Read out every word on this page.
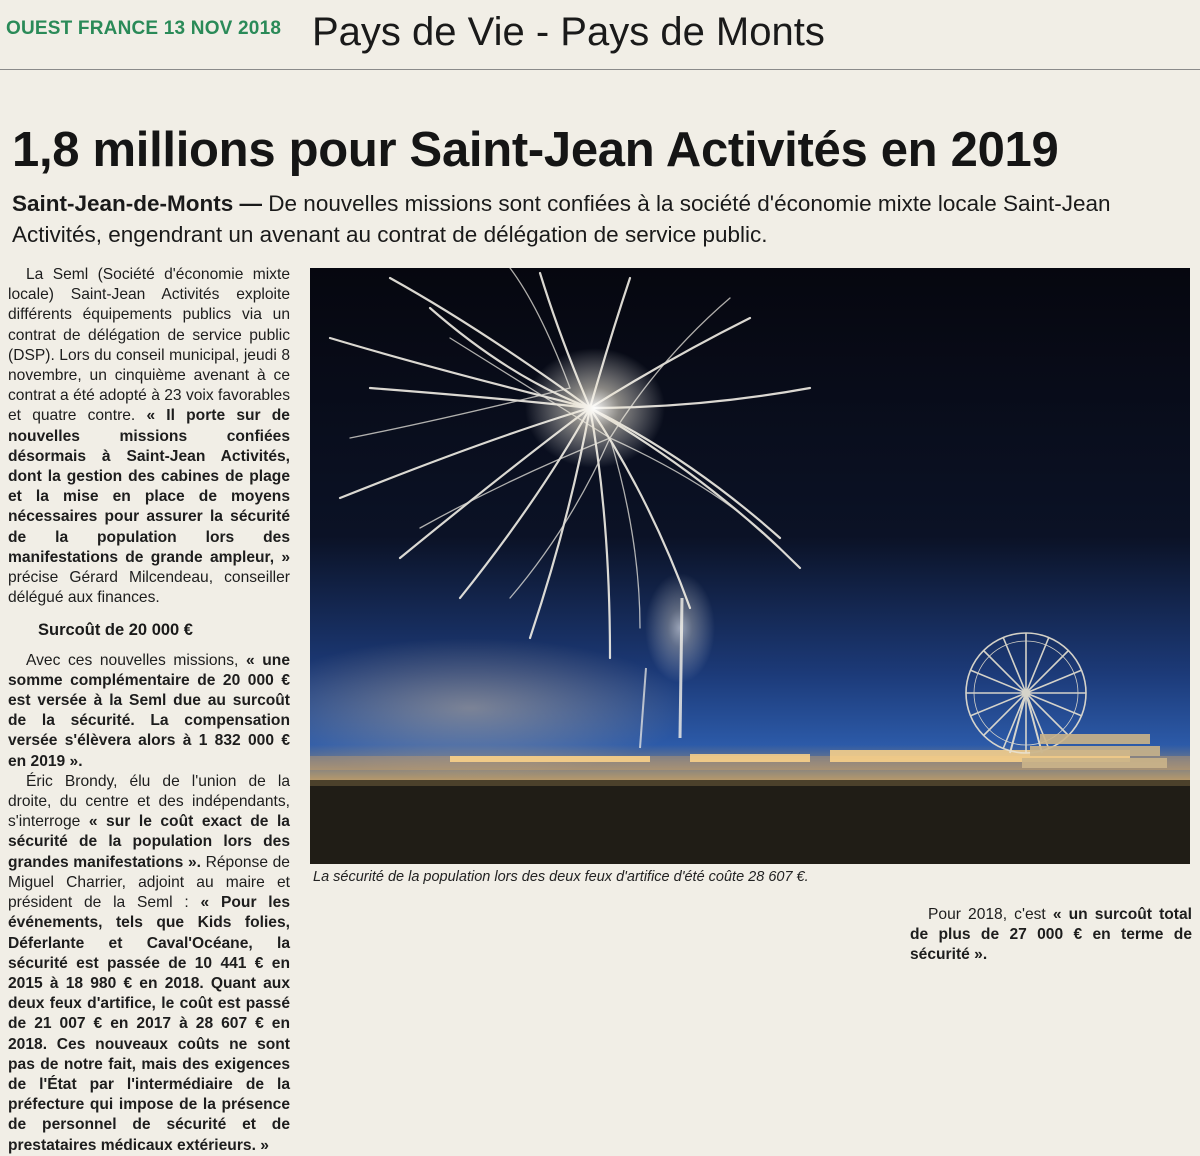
OUEST FRANCE 13 NOV 2018 Pays de Vie - Pays de Monts
1,8 millions pour Saint-Jean Activités en 2019
Saint-Jean-de-Monts — De nouvelles missions sont confiées à la société d'économie mixte locale Saint-Jean Activités, engendrant un avenant au contrat de délégation de service public.
La sécurité de la population lors des deux feux d'artifice d'été coûte 28 607 €.

La Seml (Société d'économie mixte locale) Saint-Jean Activités exploite différents équipements publics via un contrat de délégation de service public (DSP). Lors du conseil municipal, jeudi 8 novembre, un cinquième avenant à ce contrat a été adopté à 23 voix favorables et quatre contre. « Il porte sur de nouvelles missions confiées désormais à Saint-Jean Activités, dont la gestion des cabines de plage et la mise en place de moyens nécessaires pour assurer la sécurité de la population lors des manifestations de grande ampleur, » précise Gérard Milcendeau, conseiller délégué aux finances.

Surcoût de 20 000 €

Avec ces nouvelles missions, « une somme complémentaire de 20 000 € est versée à la Seml due au surcoût de la sécurité. La compensation versée s'élèvera alors à 1 832 000 € en 2019 ».

Éric Brondy, élu de l'union de la droite, du centre et des indépendants, s'interroge « sur le coût exact de la sécurité de la population lors des grandes manifestations ». Réponse de Miguel Charrier, adjoint au maire et président de la Seml : « Pour les événements, tels que Kids folies, Déferlante et Caval'Océane, la sécurité est passée de 10 441 € en 2015 à 18 980 € en 2018. Quant aux deux feux d'artifice, le coût est passé de 21 007 € en 2017 à 28 607 € en 2018. Ces nouveaux coûts ne sont pas de notre fait, mais des exigences de l'État par l'intermédiaire de la préfecture qui impose de la présence de personnel de sécurité et de prestataires médicaux extérieurs. »

Pour 2018, c'est « un surcoût total de plus de 27 000 € en terme de sécurité ».
